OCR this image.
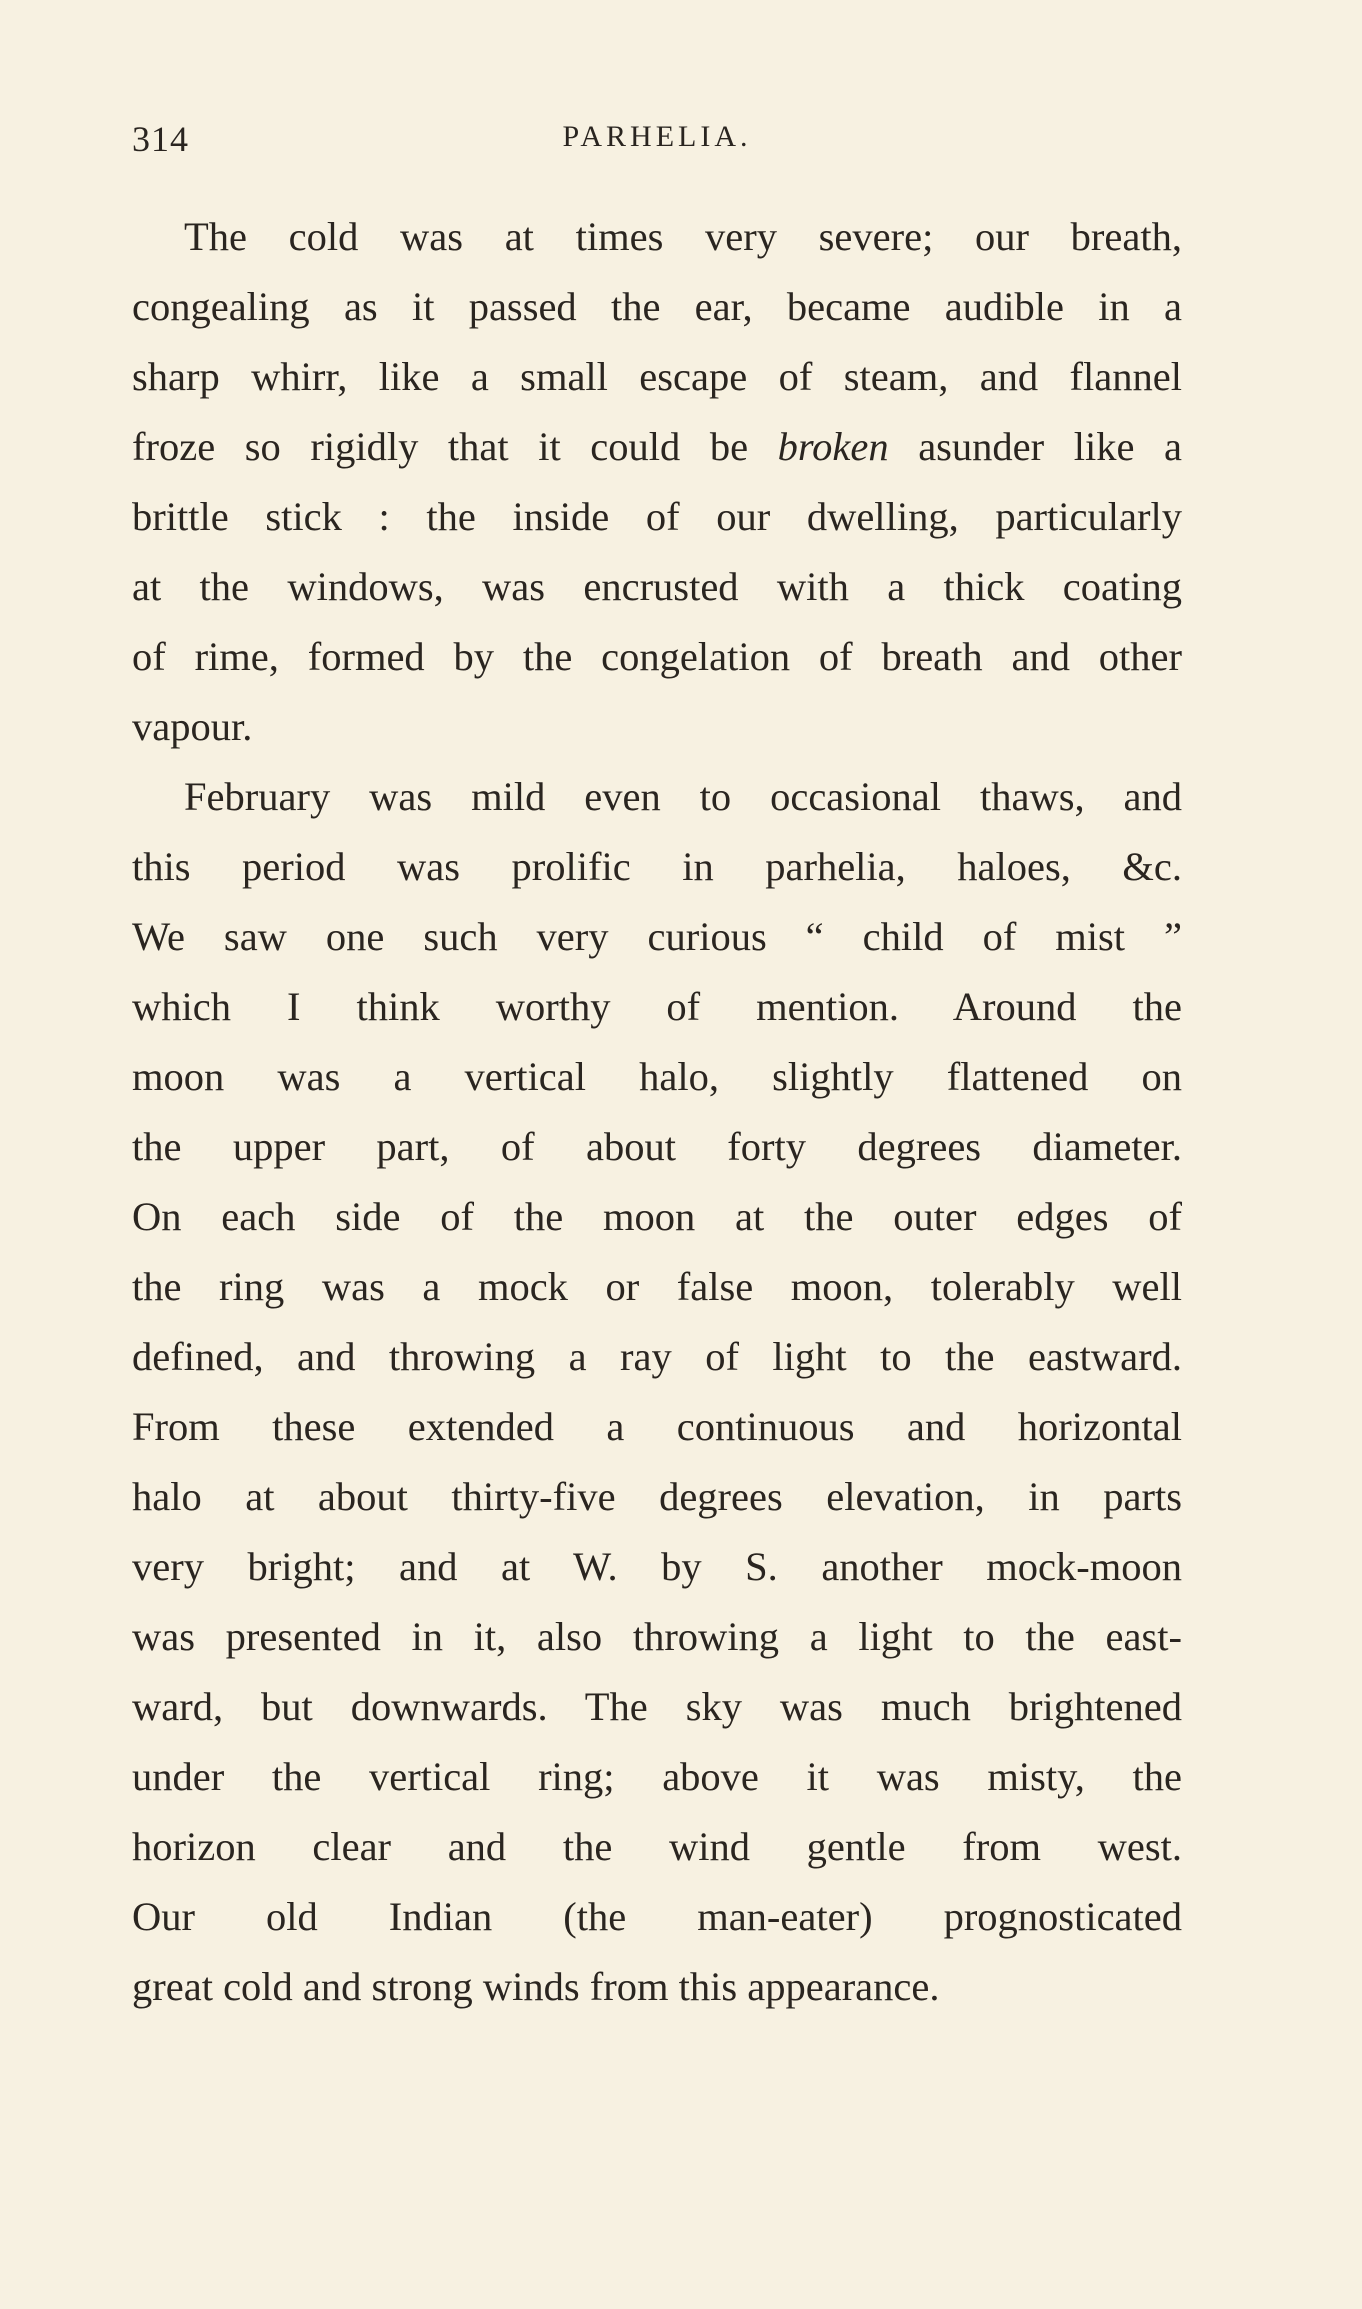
314	PARHELIA.
The cold was at times very severe; our breath,
congealing as it passed the ear, became audible in a
sharp whirr, like a small escape of steam, and flannel
froze so rigidly that it could be broken asunder like a
brittle stick : the inside of our dwelling, particularly
at the windows, was encrusted with a thick coating
of rime, formed by the congelation of breath and other
vapour.
February was mild even to occasional thaws, and
this period was prolific in parhelia, haloes, &c.
We saw one such very curious “ child of mist ”
which I think worthy of mention. Around the
moon was a vertical halo, slightly flattened on
the upper part, of about forty degrees diameter.
On each side of the moon at the outer edges of
the ring was a mock or false moon, tolerably well
defined, and throwing a ray of light to the eastward.
From these extended a continuous and horizontal
halo at about thirty-five degrees elevation, in parts
very bright; and at W. by S. another mock-moon
was presented in it, also throwing a light to the east-
ward, but downwards. The sky was much brightened
under the vertical ring; above it was misty, the
horizon clear and the wind gentle from west.
Our old Indian (the man-eater) prognosticated
great cold and strong winds from this appearance.
